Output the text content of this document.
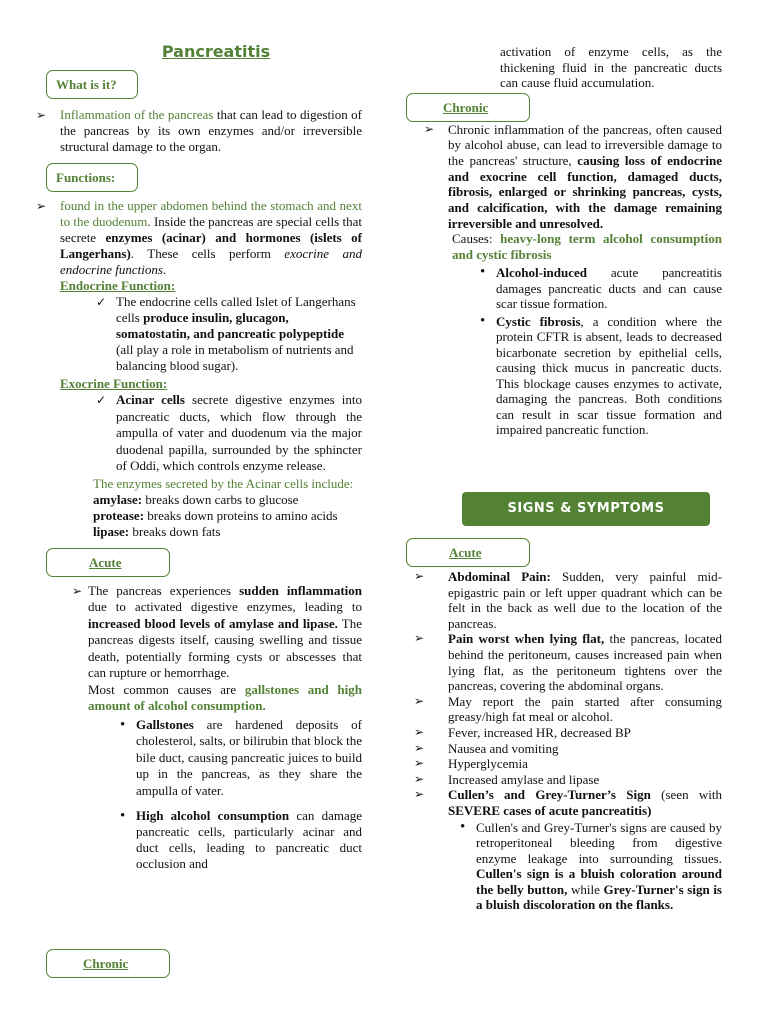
Pancreatitis
What is it?
➢ Inflammation of the pancreas that can lead to digestion of the pancreas by its own enzymes and/or irreversible structural damage to the organ.
Functions:
➢ found in the upper abdomen behind the stomach and next to the duodenum. Inside the pancreas are special cells that secrete enzymes (acinar) and hormones (islets of Langerhans). These cells perform exocrine and endocrine functions.
Endocrine Function:
✓ The endocrine cells called Islet of Langerhans cells produce insulin, glucagon, somatostatin, and pancreatic polypeptide (all play a role in metabolism of nutrients and balancing blood sugar).
Exocrine Function:
✓ Acinar cells secrete digestive enzymes into pancreatic ducts, which flow through the ampulla of vater and duodenum via the major duodenal papilla, surrounded by the sphincter of Oddi, which controls enzyme release.

The enzymes secreted by the Acinar cells include:

amylase: breaks down carbs to glucose
protease: breaks down proteins to amino acids
lipase: breaks down fats
Acute
➢ The pancreas experiences sudden inflammation due to activated digestive enzymes, leading to increased blood levels of amylase and lipase. The pancreas digests itself, causing swelling and tissue death, potentially forming cysts or abscesses that can rupture or hemorrhage.

Most common causes are gallstones and high amount of alcohol consumption.

• Gallstones are hardened deposits of cholesterol, salts, or bilirubin that block the bile duct, causing pancreatic juices to build up in the pancreas, as they share the ampulla of vater.
• High alcohol consumption can damage pancreatic cells, particularly acinar and duct cells, leading to pancreatic duct occlusion and
Chronic

activation of enzyme cells, as the thickening fluid in the pancreatic ducts can cause fluid accumulation.

Chronic
➢ Chronic inflammation of the pancreas, often caused by alcohol abuse, can lead to irreversible damage to the pancreas' structure, causing loss of endocrine and exocrine cell function, damaged ducts, fibrosis, enlarged or shrinking pancreas, cysts, and calcification, with the damage remaining irreversible and unresolved.

Causes: heavy-long term alcohol consumption and cystic fibrosis

• Alcohol-induced acute pancreatitis damages pancreatic ducts and can cause scar tissue formation.
• Cystic fibrosis, a condition where the protein CFTR is absent, leads to decreased bicarbonate secretion by epithelial cells, causing thick mucus in pancreatic ducts. This blockage causes enzymes to activate, damaging the pancreas. Both conditions can result in scar tissue formation and impaired pancreatic function.
SIGNS & SYMPTOMS
Acute
➢ Abdominal Pain: Sudden, very painful mid-epigastric pain or left upper quadrant which can be felt in the back as well due to the location of the pancreas.
➢ Pain worst when lying flat, the pancreas, located behind the peritoneum, causes increased pain when lying flat, as the peritoneum tightens over the pancreas, covering the abdominal organs.
➢ May report the pain started after consuming greasy/high fat meal or alcohol.
➢ Fever, increased HR, decreased BP
➢ Nausea and vomiting
➢ Hyperglycemia
➢ Increased amylase and lipase
➢ Cullen’s and Grey-Turner’s Sign (seen with SEVERE cases of acute pancreatitis)
• Cullen's and Grey-Turner's signs are caused by retroperitoneal bleeding from digestive enzyme leakage into surrounding tissues. Cullen's sign is a bluish coloration around the belly button, while Grey-Turner's sign is a bluish discoloration on the flanks.
